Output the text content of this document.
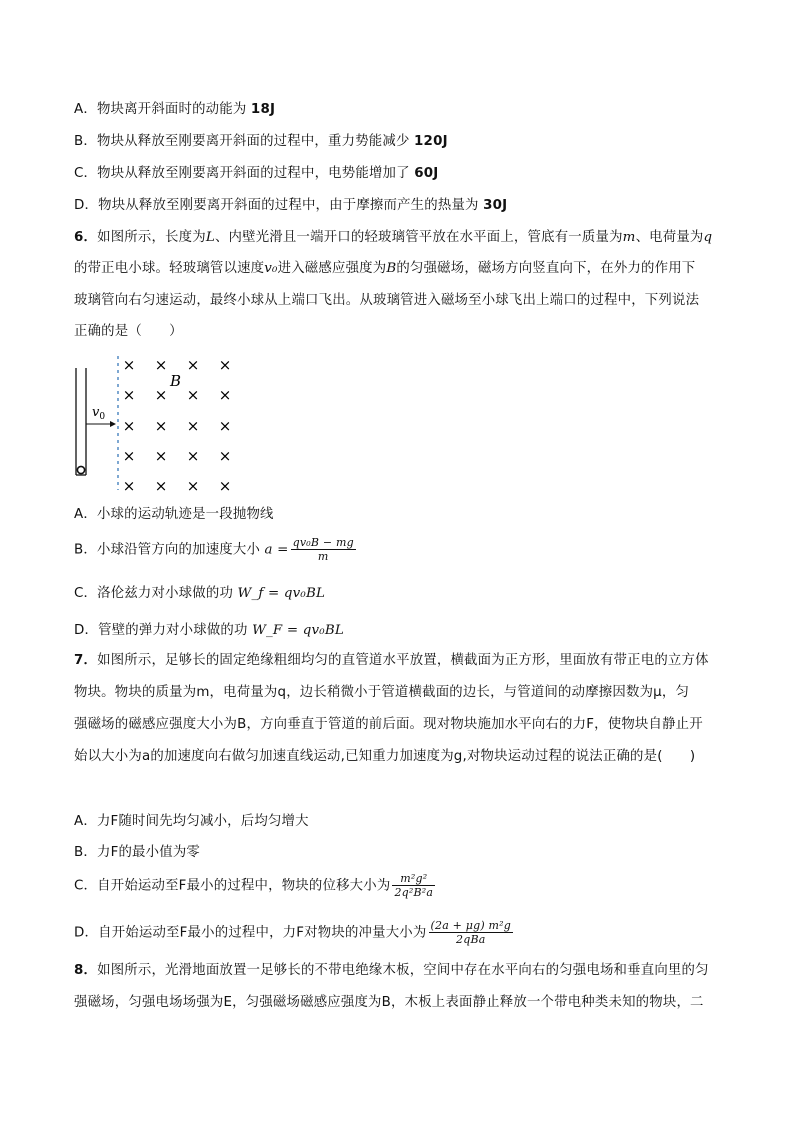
A．物块离开斜面时的动能为 18J
B．物块从释放至刚要离开斜面的过程中，重力势能减少 120J
C．物块从释放至刚要离开斜面的过程中，电势能增加了 60J
D．物块从释放至刚要离开斜面的过程中，由于摩擦而产生的热量为 30J
6．如图所示，长度为L、内壁光滑且一端开口的轻玻璃管平放在水平面上，管底有一质量为m、电荷量为q
的带正电小球。轻玻璃管以速度v₀进入磁感应强度为B的匀强磁场，磁场方向竖直向下，在外力的作用下
玻璃管向右匀速运动，最终小球从上端口飞出。从玻璃管进入磁场至小球飞出上端口的过程中，下列说法
正确的是（　　）
$v_0$
B
× × × ×
× × × ×
× × × ×
× × × ×
× × × ×
A．小球的运动轨迹是一段抛物线
B．小球沿管方向的加速度大小 $a = \frac{\text{qv₀B − mg}}{m}$
C．洛伦兹力对小球做的功 W_f = qv₀BL
D．管壁的弹力对小球做的功 W_F = qv₀BL
7．如图所示，足够长的固定绝缘粗细均匀的直管道水平放置，横截面为正方形，里面放有带正电的立方体
物块。物块的质量为m，电荷量为q，边长稍微小于管道横截面的边长，与管道间的动摩擦因数为μ，匀
强磁场的磁感应强度大小为B，方向垂直于管道的前后面。现对物块施加水平向右的力F，使物块自静止开
始以大小为a的加速度向右做匀加速直线运动,已知重力加速度为g,对物块运动过程的说法正确的是(　　)
A．力F随时间先均匀减小，后均匀增大
B．力F的最小值为零
C．自开始运动至F最小的过程中，物块的位移大小为 $\frac{\text{m²g²}}{\text{2q²B²a}}$
D．自开始运动至F最小的过程中，力F对物块的冲量大小为 $\frac{\text{(2a + μg) m²g}}{\text{2qBa}}$
8．如图所示，光滑地面放置一足够长的不带电绝缘木板，空间中存在水平向右的匀强电场和垂直向里的匀
强磁场，匀强电场场强为E，匀强磁场磁感应强度为B，木板上表面静止释放一个带电种类未知的物块，二
